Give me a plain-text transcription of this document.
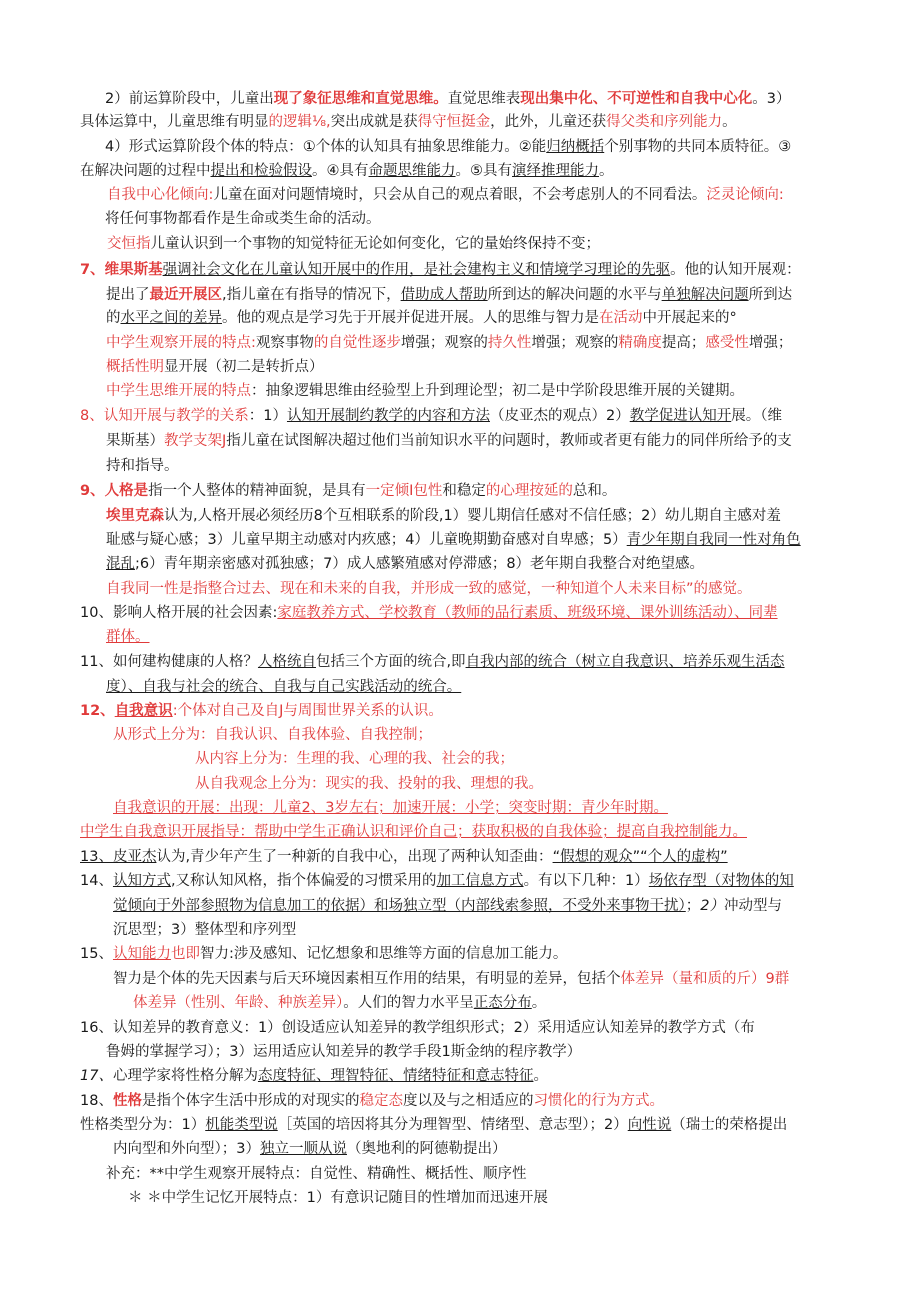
2）前运算阶段中，儿童出现了象征思维和直觉思维。直觉思维表现出集中化、不可逆性和自我中心化。3）
具体运算中，儿童思维有明显的逻辑⅛,突出成就是获得守恒挺金，此外，儿童还获得父类和序列能力。
4）形式运算阶段个体的特点：①个体的认知具有抽象思维能力。②能归纳概括个别事物的共同本质特征。③
在解决问题的过程中提出和检验假设。④具有命题思维能力。⑤具有演绎推理能力。
自我中心化倾向:儿童在面对问题情境时，只会从自己的观点着眼，不会考虑别人的不同看法。泛灵论倾向:
将任何事物都看作是生命或类生命的活动。
交恒指儿童认识到一个事物的知觉特征无论如何变化，它的量始终保持不变；
7、维果斯基强调社会文化在儿童认知开展中的作用，是社会建构主义和情境学习理论的先驱。他的认知开展观：
提出了最近开展区,指儿童在有指导的情况下，借助成人帮助所到达的解决问题的水平与单独解决问题所到达
的水平之间的差异。他的观点是学习先于开展并促进开展。人的思维与智力是在活动中开展起来的°
中学生观察开展的特点:观察事物的自觉性逐步增强；观察的持久性增强；观察的精确度提高；感受性增强；
概括性明显开展（初二是转折点）
中学生思维开展的特点：抽象逻辑思维由经验型上升到理论型；初二是中学阶段思维开展的关键期。
8、认知开展与教学的关系：1）认知开展制约教学的内容和方法（皮亚杰的观点）2）教学促进认知开展。（维
果斯基）教学支架J指儿童在试图解决超过他们当前知识水平的问题时，教师或者更有能力的同伴所给予的支
持和指导。
9、人格是指一个人整体的精神面貌，是具有一定倾I包性和稳定的心理按延的总和。
埃里克森认为,人格开展必须经历8个互相联系的阶段,1）婴儿期信任感对不信任感；2）幼儿期自主感对羞
耻感与疑心感；3）儿童早期主动感对内疚感；4）儿童晚期勤奋感对自卑感；5）青少年期自我同一性对角色
混乱;6）青年期亲密感对孤独感；7）成人感繁殖感对停滞感；8）老年期自我整合对绝望感。
自我同一性是指整合过去、现在和未来的自我，并形成一致的感觉，一种知道个人未来目标”的感觉。
10、影响人格开展的社会因素:家庭教养方式、学校教育（教师的品行素质、班级环境、课外训练活动）、同辈
群体。
11、如何建构健康的人格？人格统自包括三个方面的统合,即自我内部的统合（树立自我意识、培养乐观生活态
度）、自我与社会的统合、自我与自己实践活动的统合。
12、自我意识:个体对自己及自J与周围世界关系的认识。
从形式上分为：自我认识、自我体验、自我控制；
从内容上分为：生理的我、心理的我、社会的我；
从自我观念上分为：现实的我、投射的我、理想的我。
自我意识的开展：出现：儿童2、3岁左右；加速开展：小学；突变时期：青少年时期。
中学生自我意识开展指导：帮助中学生正确认识和评价自己；获取积极的自我体验；提高自我控制能力。
13、皮亚杰认为,青少年产生了一种新的自我中心，出现了两种认知歪曲：“假想的观众”“个人的虚构”
14、认知方式,又称认知风格，指个体偏爱的习惯采用的加工信息方式。有以下几种：1）场依存型（对物体的知
觉倾向于外部参照物为信息加工的依据）和场独立型（内部线索参照，不受外来事物干扰）；2）冲动型与
沉思型；3）整体型和序列型
15、认知能力也即智力:涉及感知、记忆想象和思维等方面的信息加工能力。
智力是个体的先天因素与后天环境因素相互作用的结果，有明显的差异，包括个体差异（量和质的斤）9群
体差异（性别、年龄、种族差异）。人们的智力水平呈正态分布。
16、认知差异的教育意义：1）创设适应认知差异的教学组织形式；2）采用适应认知差异的教学方式（布
鲁姆的掌握学习）；3）运用适应认知差异的教学手段1斯金纳的程序教学）
17、心理学家将性格分解为态度特征、理智特征、情绪特征和意志特征。
18、性格是指个体字生活中形成的对现实的稳定态度以及与之相适应的习惯化的行为方式。
性格类型分为：1）机能类型说［英国的培因将其分为理智型、情绪型、意志型）；2）向性说（瑞士的荣格提出
内向型和外向型）；3）独立一顺从说（奥地利的阿德勒提出）
补充：**中学生观察开展特点：自觉性、精确性、概括性、顺序性
＊ ＊中学生记忆开展特点：1）有意识记随目的性增加而迅速开展
